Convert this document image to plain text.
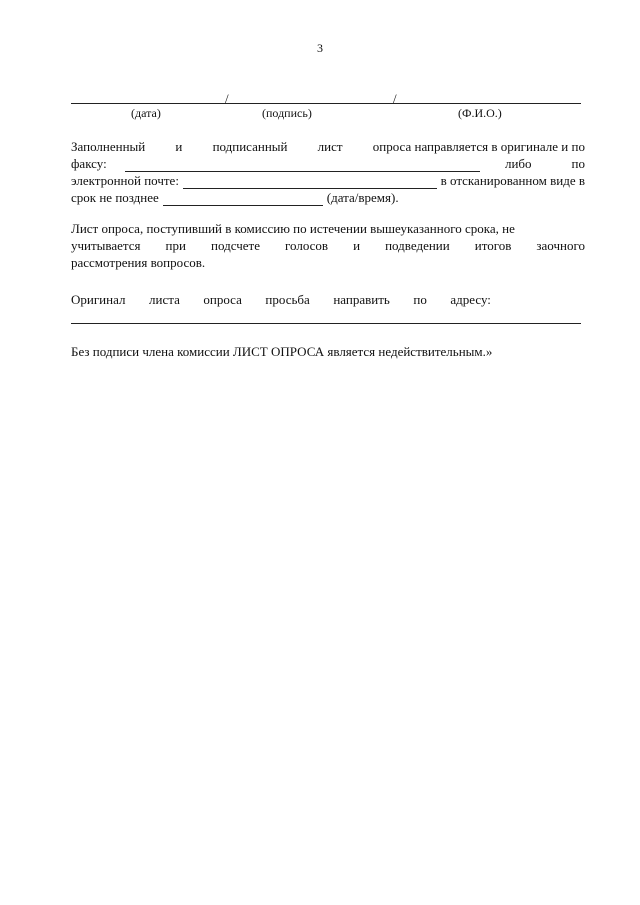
3
/	/
(дата)	(подпись)	(Ф.И.О.)
Заполненный и подписанный лист опроса направляется в оригинале и по
факсу:	либо	по
электронной почте:	в отсканированном виде в
срок не позднее	(дата/время).
Лист опроса, поступивший в комиссию по истечении вышеуказанного срока, не
учитывается при подсчете голосов и подведении итогов заочного
рассмотрения вопросов.
Оригинал листа опроса просьба направить по адресу:
Без подписи члена комиссии ЛИСТ ОПРОСА является недействительным.»
